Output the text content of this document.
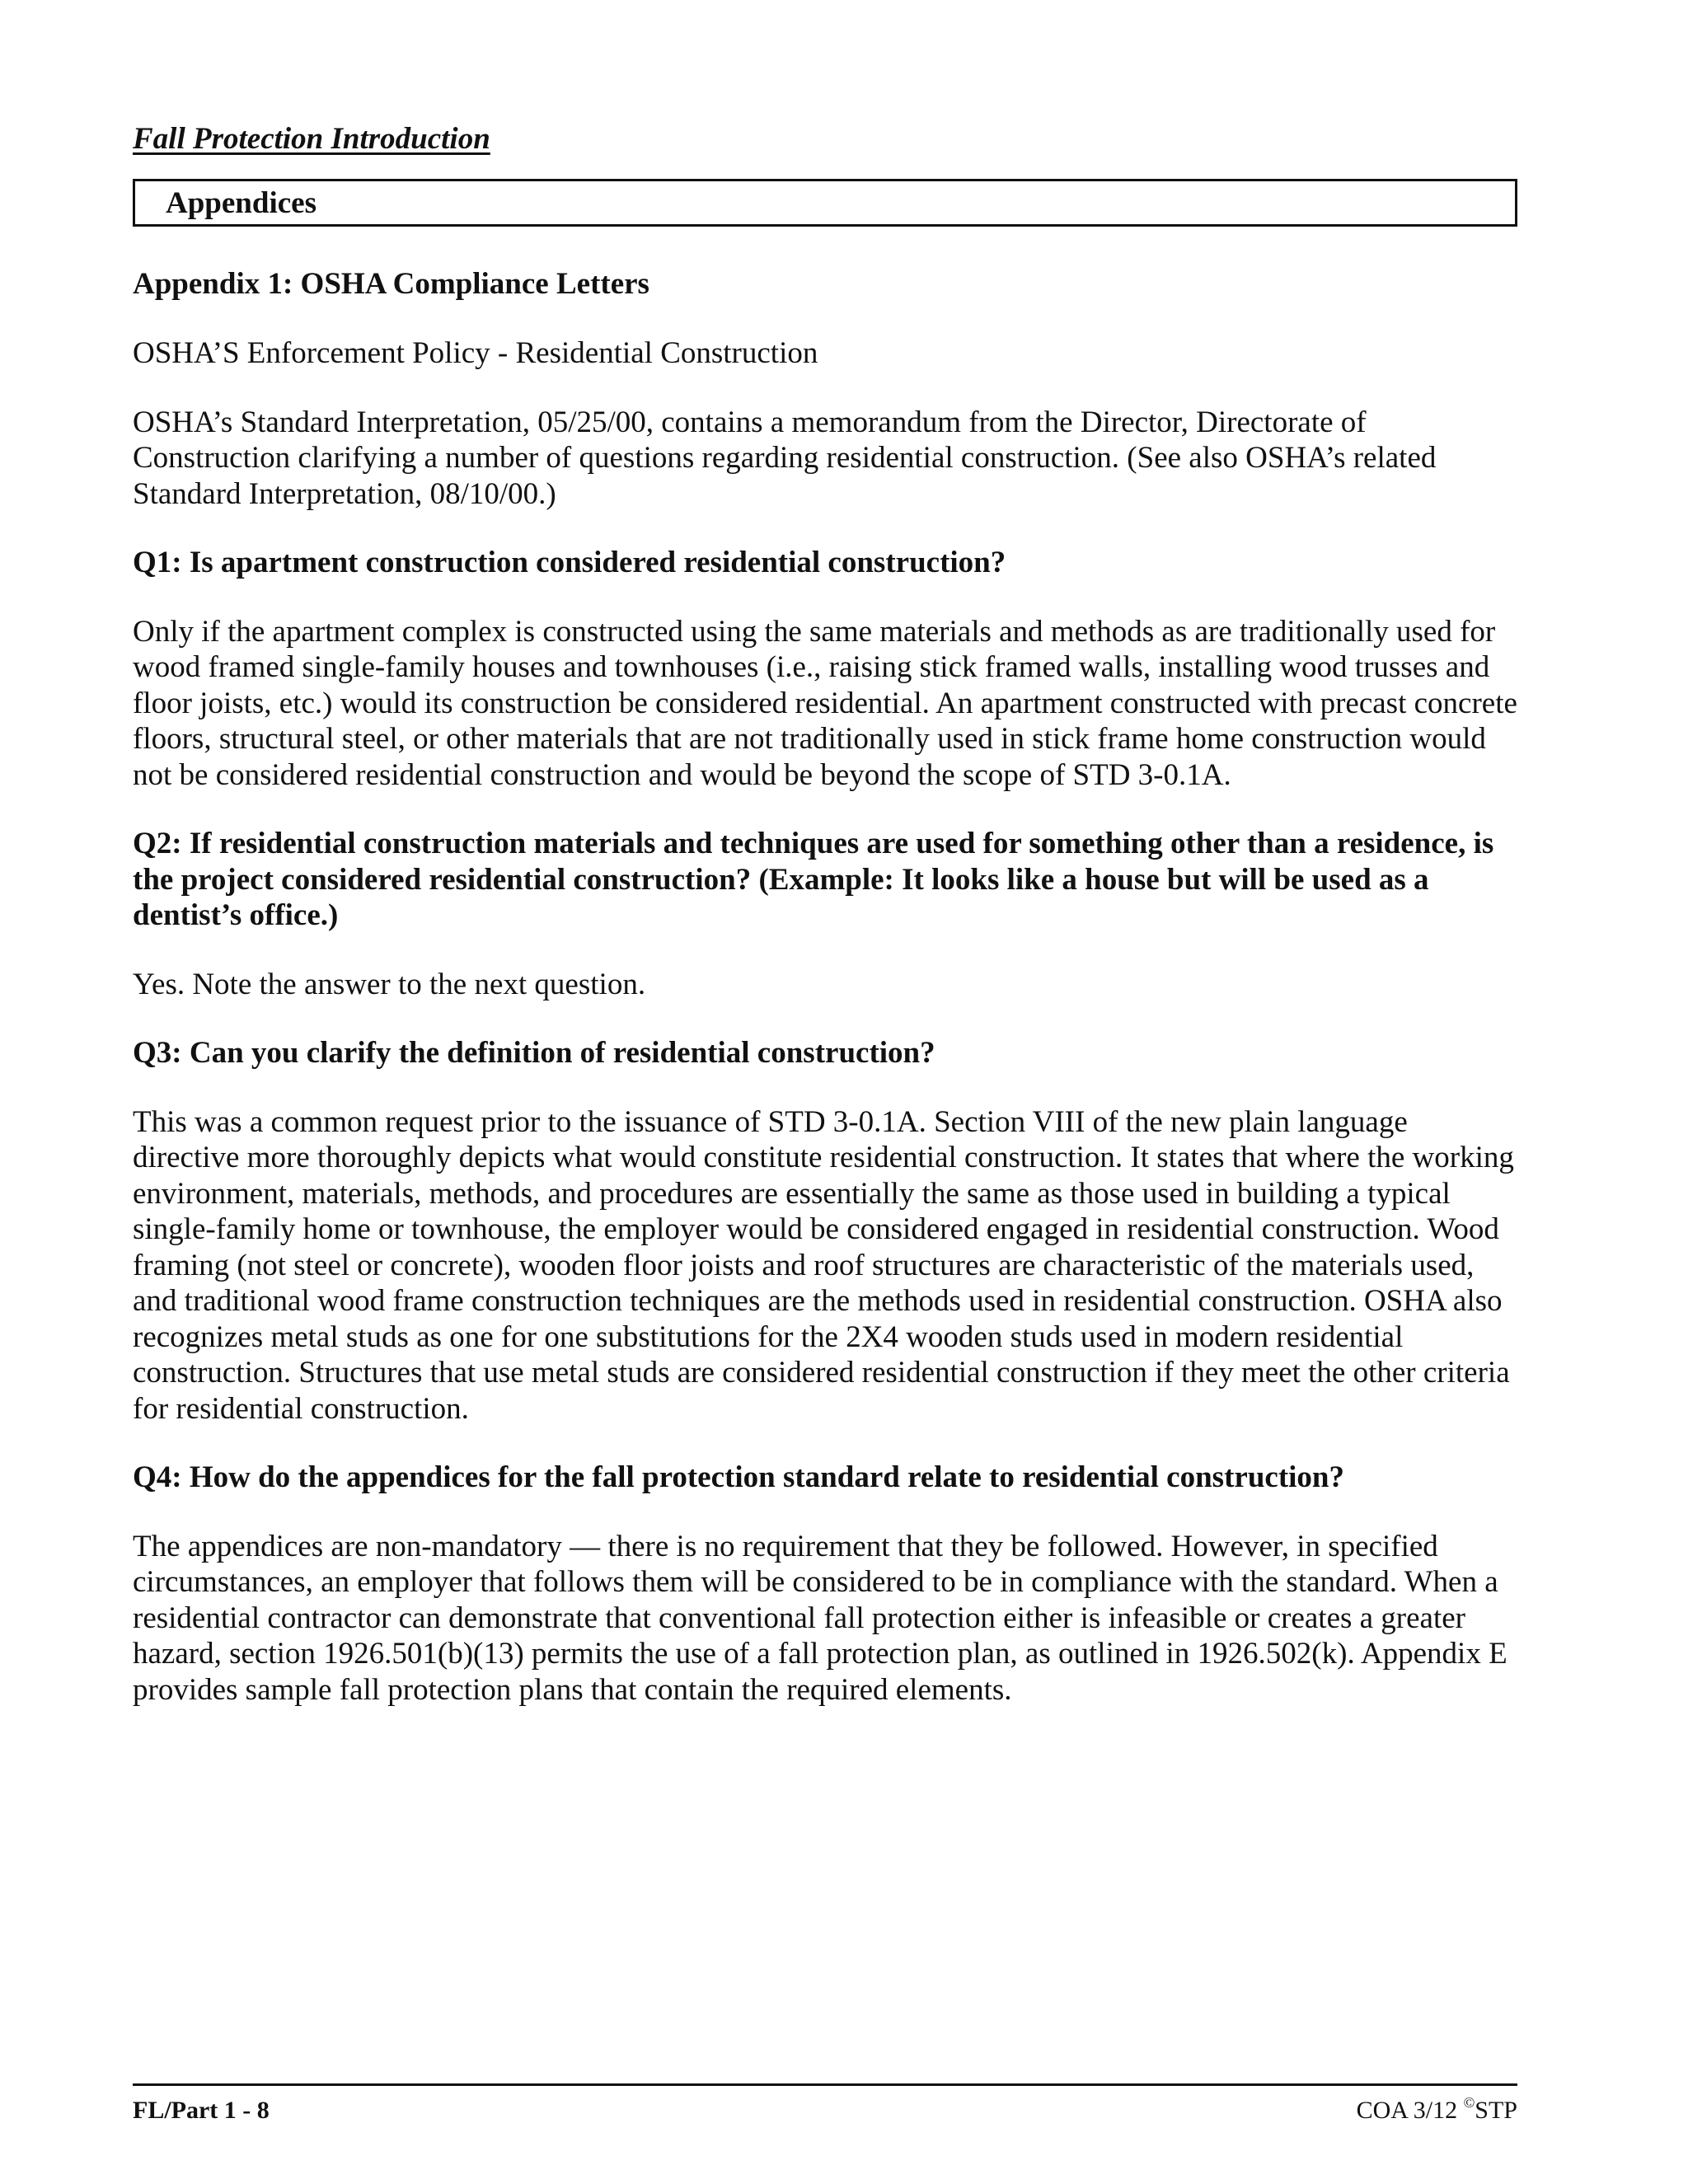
Fall Protection Introduction
Appendices
Appendix 1: OSHA Compliance Letters
OSHA’S Enforcement Policy - Residential Construction
OSHA’s Standard Interpretation, 05/25/00, contains a memorandum from the Director, Directorate of Construction clarifying a number of questions regarding residential construction. (See also OSHA’s related Standard Interpretation, 08/10/00.)
Q1: Is apartment construction considered residential construction?
Only if the apartment complex is constructed using the same materials and methods as are traditionally used for wood framed single-family houses and townhouses (i.e., raising stick framed walls, installing wood trusses and floor joists, etc.) would its construction be considered residential. An apartment constructed with precast concrete floors, structural steel, or other materials that are not traditionally used in stick frame home construction would not be considered residential construction and would be beyond the scope of STD 3-0.1A.
Q2: If residential construction materials and techniques are used for something other than a residence, is the project considered residential construction? (Example: It looks like a house but will be used as a dentist’s office.)
Yes. Note the answer to the next question.
Q3: Can you clarify the definition of residential construction?
This was a common request prior to the issuance of STD 3-0.1A. Section VIII of the new plain language directive more thoroughly depicts what would constitute residential construction. It states that where the working environment, materials, methods, and procedures are essentially the same as those used in building a typical single-family home or townhouse, the employer would be considered engaged in residential construction. Wood framing (not steel or concrete), wooden floor joists and roof structures are characteristic of the materials used, and traditional wood frame construction techniques are the methods used in residential construction. OSHA also recognizes metal studs as one for one substitutions for the 2X4 wooden studs used in modern residential construction. Structures that use metal studs are considered residential construction if they meet the other criteria for residential construction.
Q4: How do the appendices for the fall protection standard relate to residential construction?
The appendices are non-mandatory — there is no requirement that they be followed. However, in specified circumstances, an employer that follows them will be considered to be in compliance with the standard. When a residential contractor can demonstrate that conventional fall protection either is infeasible or creates a greater hazard, section 1926.501(b)(13) permits the use of a fall protection plan, as outlined in 1926.502(k). Appendix E provides sample fall protection plans that contain the required elements.
FL/Part 1 - 8	COA 3/12 ©STP
